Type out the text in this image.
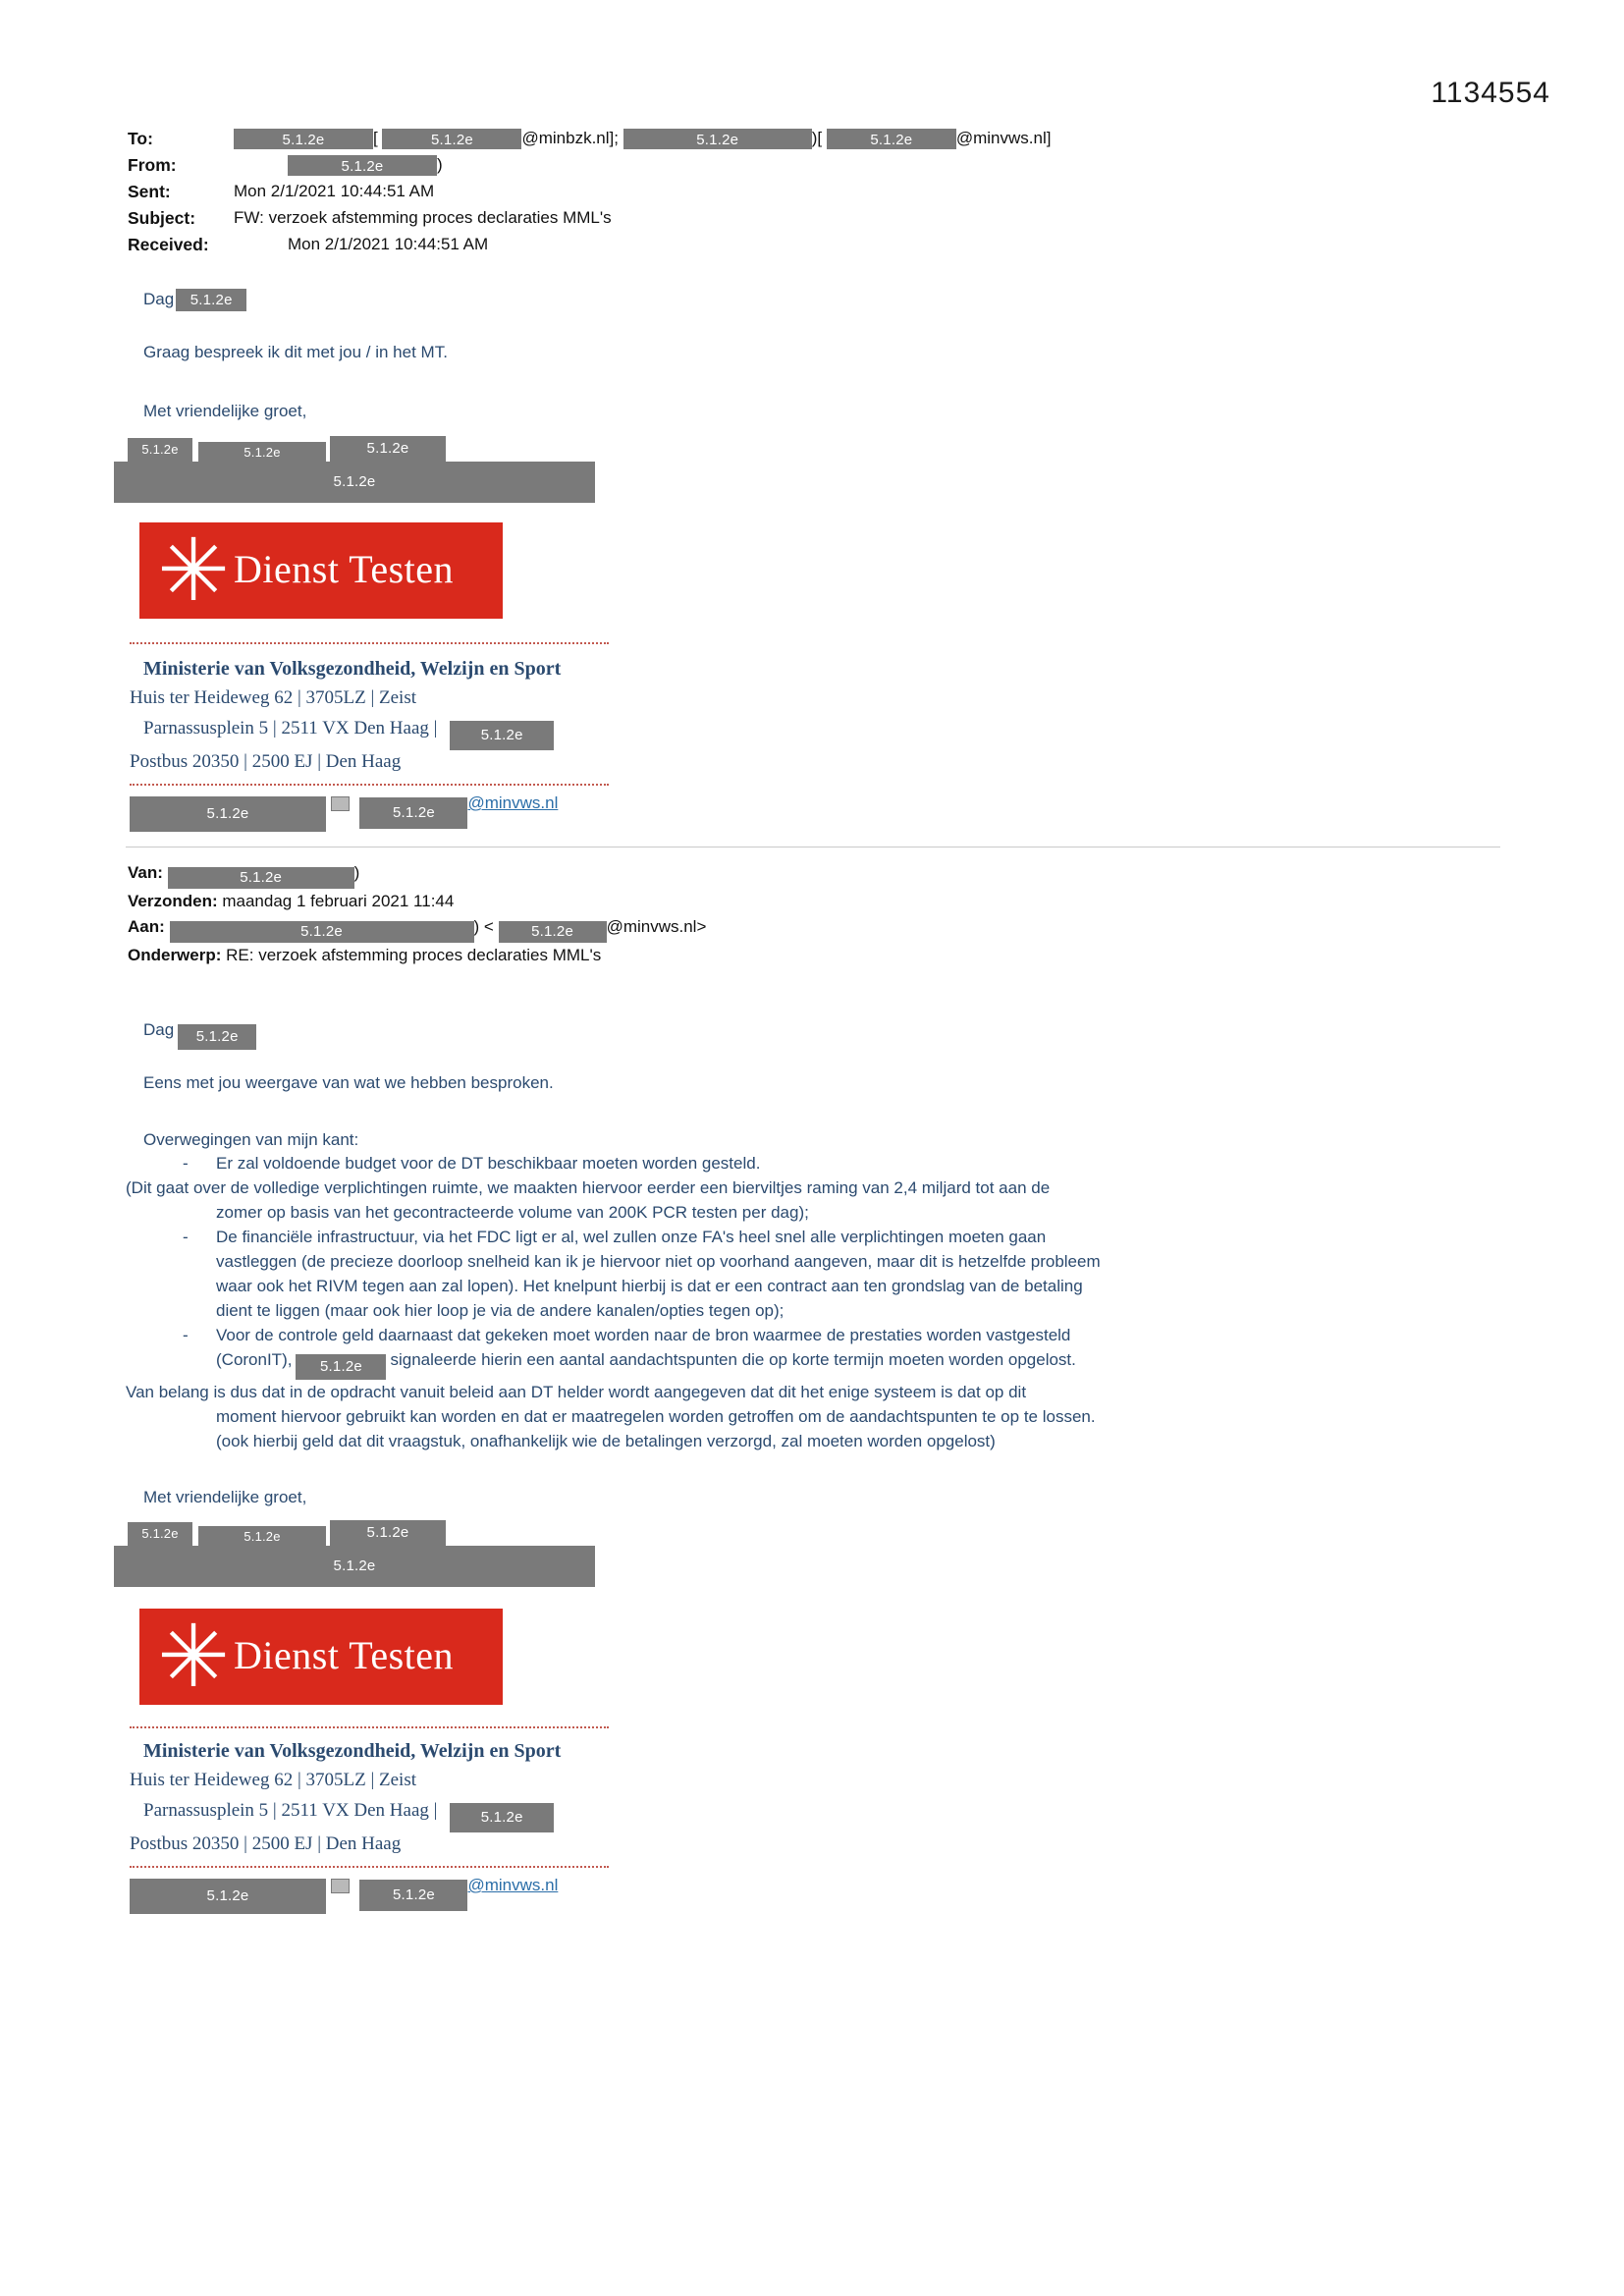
1134554
To:	5.1.2e	[	5.1.2e	@minbzk.nl];	5.1.2e	)[	5.1.2e	@minvws.nl]
From:	5.1.2e	)
Sent:	Mon 2/1/2021 10:44:51 AM
Subject:	FW: verzoek afstemming proces declaraties MML's
Received:	Mon 2/1/2021 10:44:51 AM
Dag 5.1.2e
Graag bespreek ik dit met jou / in het MT.
Met vriendelijke groet,
5.1.2e	5.1.2e	5.1.2e
5.1.2e
✳ Dienst Testen
Ministerie van Volksgezondheid, Welzijn en Sport
Huis ter Heideweg 62 | 3705LZ | Zeist
Parnassusplein 5 | 2511 VX Den Haag |	5.1.2e
Postbus 20350 | 2500 EJ | Den Haag
5.1.2e	5.1.2e@minvws.nl
Van:	5.1.2e	)
Verzonden: maandag 1 februari 2021 11:44
Aan:	5.1.2e	) <	5.1.2e @minvws.nl>
Onderwerp: RE: verzoek afstemming proces declaraties MML's
Dag 5.1.2e
Eens met jou weergave van wat we hebben besproken.
Overwegingen van mijn kant:
- Er zal voldoende budget voor de DT beschikbaar moeten worden gesteld.
(Dit gaat over de volledige verplichtingen ruimte, we maakten hiervoor eerder een bierviltjes raming van 2,4 miljard tot aan de
zomer op basis van het gecontracteerde volume van 200K PCR testen per dag);
- De financiële infrastructuur, via het FDC ligt er al, wel zullen onze FA's heel snel alle verplichtingen moeten gaan
vastleggen (de precieze doorloop snelheid kan ik je hiervoor niet op voorhand aangeven, maar dit is hetzelfde probleem
waar ook het RIVM tegen aan zal lopen). Het knelpunt hierbij is dat er een contract aan ten grondslag van de betaling
dient te liggen (maar ook hier loop je via de andere kanalen/opties tegen op);
- Voor de controle geld daarnaast dat gekeken moet worden naar de bron waarmee de prestaties worden vastgesteld
(CoronIT), 5.1.2e signaleerde hierin een aantal aandachtspunten die op korte termijn moeten worden opgelost.
Van belang is dus dat in de opdracht vanuit beleid aan DT helder wordt aangegeven dat dit het enige systeem is dat op dit
moment hiervoor gebruikt kan worden en dat er maatregelen worden getroffen om de aandachtspunten te op te lossen.
(ook hierbij geld dat dit vraagstuk, onafhankelijk wie de betalingen verzorgd, zal moeten worden opgelost)
Met vriendelijke groet,
5.1.2e	5.1.2e	5.1.2e
5.1.2e
✳ Dienst Testen
Ministerie van Volksgezondheid, Welzijn en Sport
Huis ter Heideweg 62 | 3705LZ | Zeist
Parnassusplein 5 | 2511 VX Den Haag |	5.1.2e
Postbus 20350 | 2500 EJ | Den Haag
5.1.2e	5.1.2e@minvws.nl
